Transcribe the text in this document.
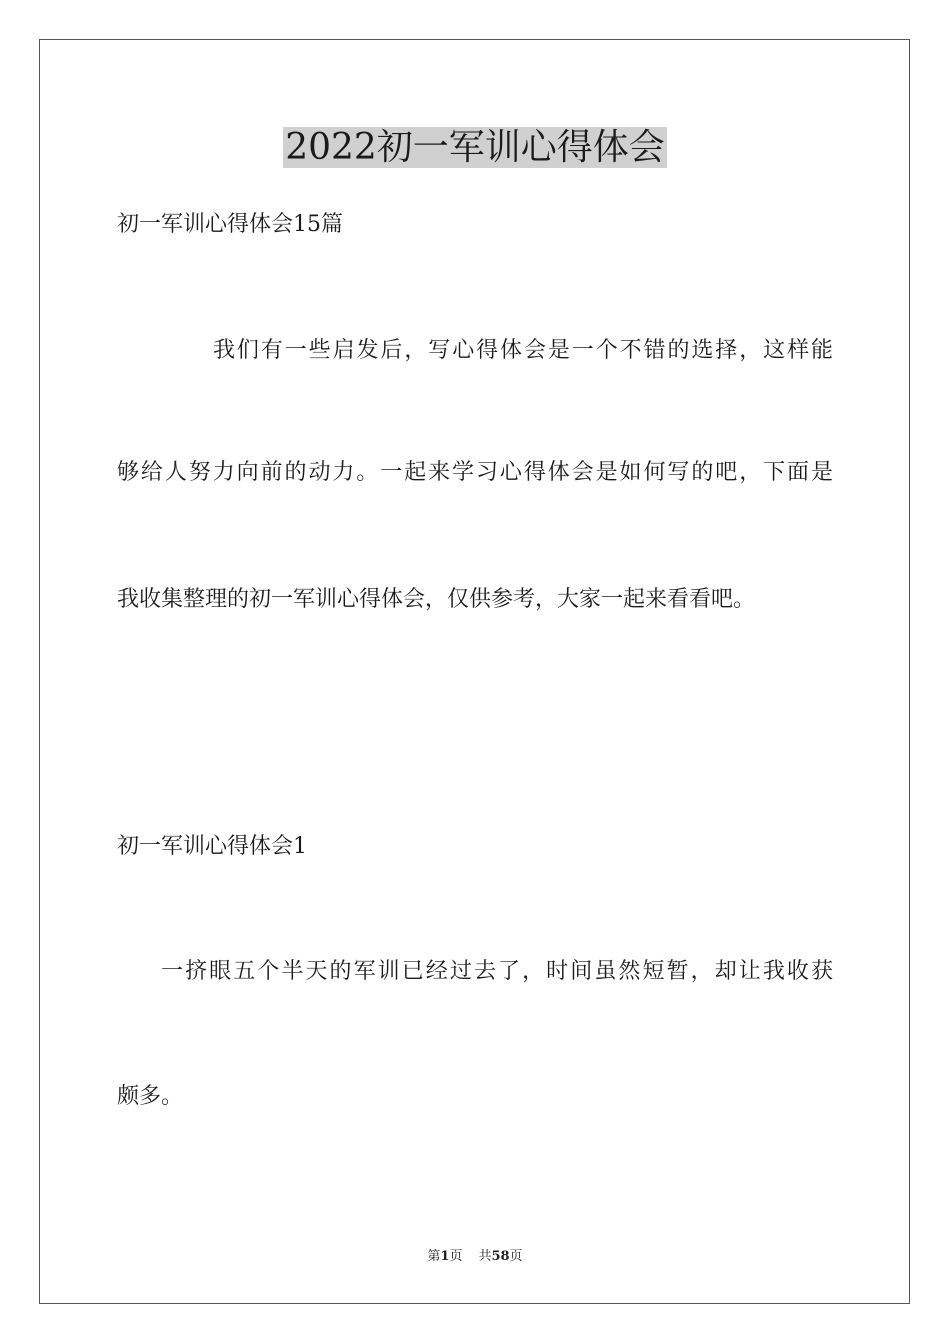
2022初一军训心得体会
初一军训心得体会15篇
我们有一些启发后，写心得体会是一个不错的选择，这样能
够给人努力向前的动力。一起来学习心得体会是如何写的吧，下面是
我收集整理的初一军训心得体会，仅供参考，大家一起来看看吧。
初一军训心得体会1
一挤眼五个半天的军训已经过去了，时间虽然短暂，却让我收获
颇多。
第1页 共58页
